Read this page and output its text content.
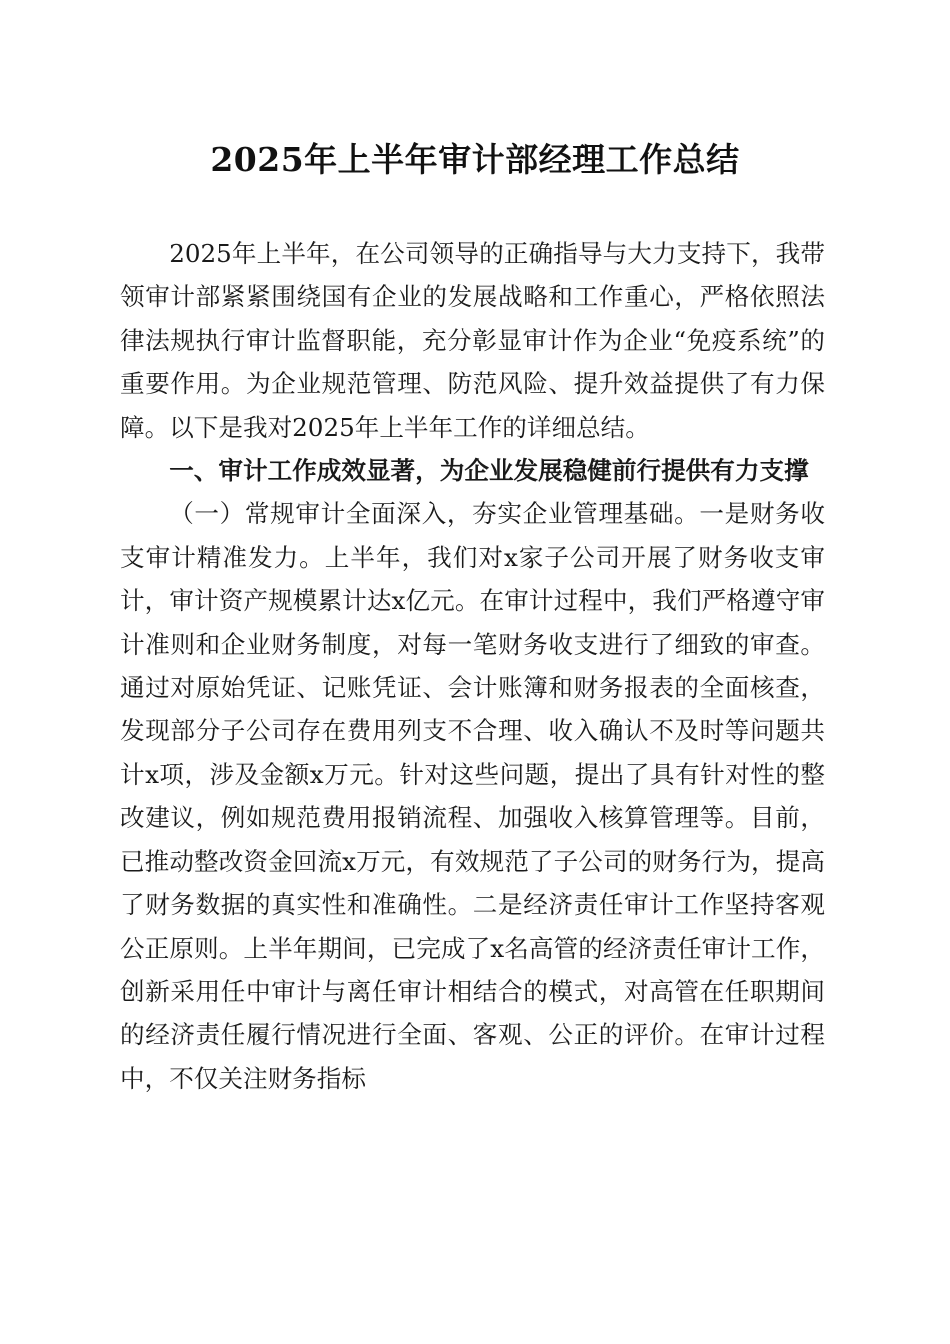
2025年上半年审计部经理工作总结

2025年上半年，在公司领导的正确指导与大力支持下，我带领审计部紧紧围绕国有企业的发展战略和工作重心，严格依照法律法规执行审计监督职能，充分彰显审计作为企业“免疫系统”的重要作用。为企业规范管理、防范风险、提升效益提供了有力保障。以下是我对2025年上半年工作的详细总结。

一、审计工作成效显著，为企业发展稳健前行提供有力支撑

（一）常规审计全面深入，夯实企业管理基础。一是财务收支审计精准发力。上半年，我们对x家子公司开展了财务收支审计，审计资产规模累计达x亿元。在审计过程中，我们严格遵守审计准则和企业财务制度，对每一笔财务收支进行了细致的审查。通过对原始凭证、记账凭证、会计账簿和财务报表的全面核查，发现部分子公司存在费用列支不合理、收入确认不及时等问题共计x项，涉及金额x万元。针对这些问题，提出了具有针对性的整改建议，例如规范费用报销流程、加强收入核算管理等。目前，已推动整改资金回流x万元，有效规范了子公司的财务行为，提高了财务数据的真实性和准确性。二是经济责任审计工作坚持客观公正原则。上半年期间，已完成了x名高管的经济责任审计工作，创新采用任中审计与离任审计相结合的模式，对高管在任职期间的经济责任履行情况进行全面、客观、公正的评价。在审计过程中，不仅关注财务指标
